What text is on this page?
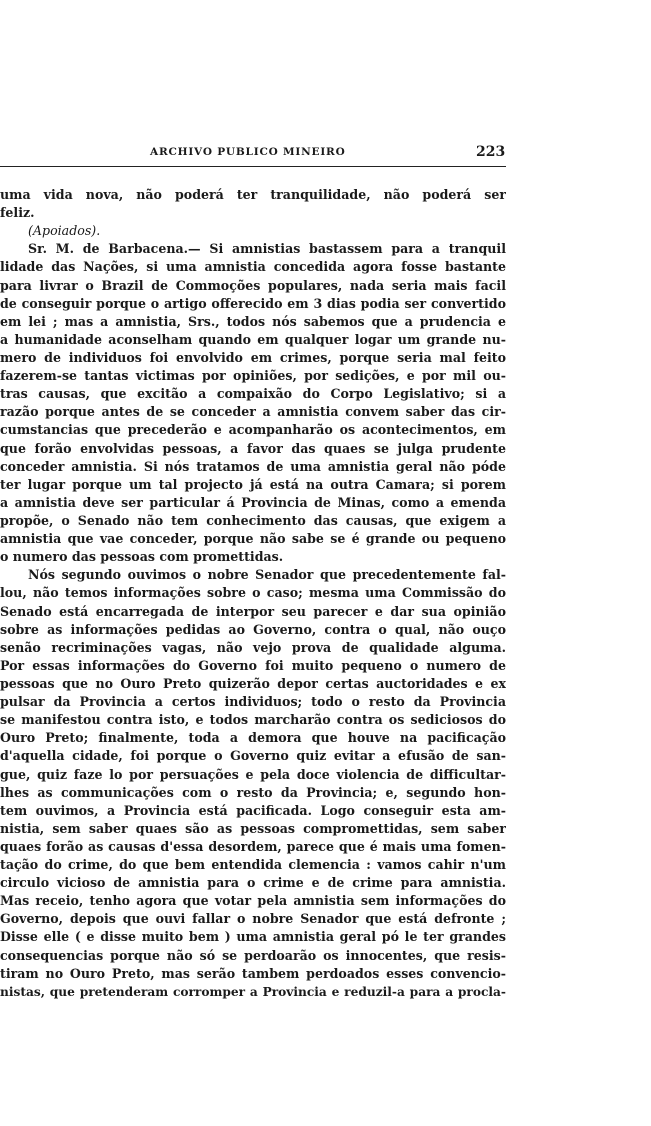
ARCHIVO PUBLICO MINEIRO	223
uma vida nova, não poderá ter tranquilidade, não poderá ser
feliz.
(Apoiados).
Sr. M. de Barbacena.— Si amnistias bastassem para a tranquil
lidade das Nações, si uma amnistia concedida agora fosse bastante
para livrar o Brazil de Commoções populares, nada seria mais facil
de conseguir porque o artigo offerecido em 3 dias podia ser convertido
em lei ; mas a amnistia, Srs., todos nós sabemos que a prudencia e
a humanidade aconselham quando em qualquer logar um grande nu-
mero de individuos foi envolvido em crimes, porque seria mal feito
fazerem-se tantas victimas por opiniões, por sedições, e por mil ou-
tras causas, que excitão a compaixão do Corpo Legislativo; si a
razão porque antes de se conceder a amnistia convem saber das cir-
cumstancias que precederão e acompanharão os acontecimentos, em
que forão envolvidas pessoas, a favor das quaes se julga prudente
conceder amnistia. Si nós tratamos de uma amnistia geral não póde
ter lugar porque um tal projecto já está na outra Camara; si porem
a amnistia deve ser particular á Provincia de Minas, como a emenda
propõe, o Senado não tem conhecimento das causas, que exigem a
amnistia que vae conceder, porque não sabe se é grande ou pequeno
o numero das pessoas com promettidas.
Nós segundo ouvimos o nobre Senador que precedentemente fal-
lou, não temos informações sobre o caso; mesma uma Commissão do
Senado está encarregada de interpor seu parecer e dar sua opinião
sobre as informações pedidas ao Governo, contra o qual, não ouço
senão recriminações vagas, não vejo prova de qualidade alguma.
Por essas informações do Governo foi muito pequeno o numero de
pessoas que no Ouro Preto quizerão depor certas auctoridades e ex
pulsar da Provincia a certos individuos; todo o resto da Provincia
se manifestou contra isto, e todos marcharão contra os sediciosos do
Ouro Preto; finalmente, toda a demora que houve na pacificação
d'aquella cidade, foi porque o Governo quiz evitar a efusão de san-
gue, quiz faze lo por persuações e pela doce violencia de difficultar-
lhes as communicações com o resto da Provincia; e, segundo hon-
tem ouvimos, a Provincia está pacificada. Logo conseguir esta am-
nistia, sem saber quaes são as pessoas compromettidas, sem saber
quaes forão as causas d'essa desordem, parece que é mais uma fomen-
tação do crime, do que bem entendida clemencia : vamos cahir n'um
circulo vicioso de amnistia para o crime e de crime para amnistia.
Mas receio, tenho agora que votar pela amnistia sem informações do
Governo, depois que ouvi fallar o nobre Senador que está defronte ;
Disse elle ( e disse muito bem ) uma amnistia geral pó le ter grandes
consequencias porque não só se perdoarão os innocentes, que resis-
tiram no Ouro Preto, mas serão tambem perdoados esses convencio-
nistas, que pretenderam corromper a Provincia e reduzil-a para a procla-
